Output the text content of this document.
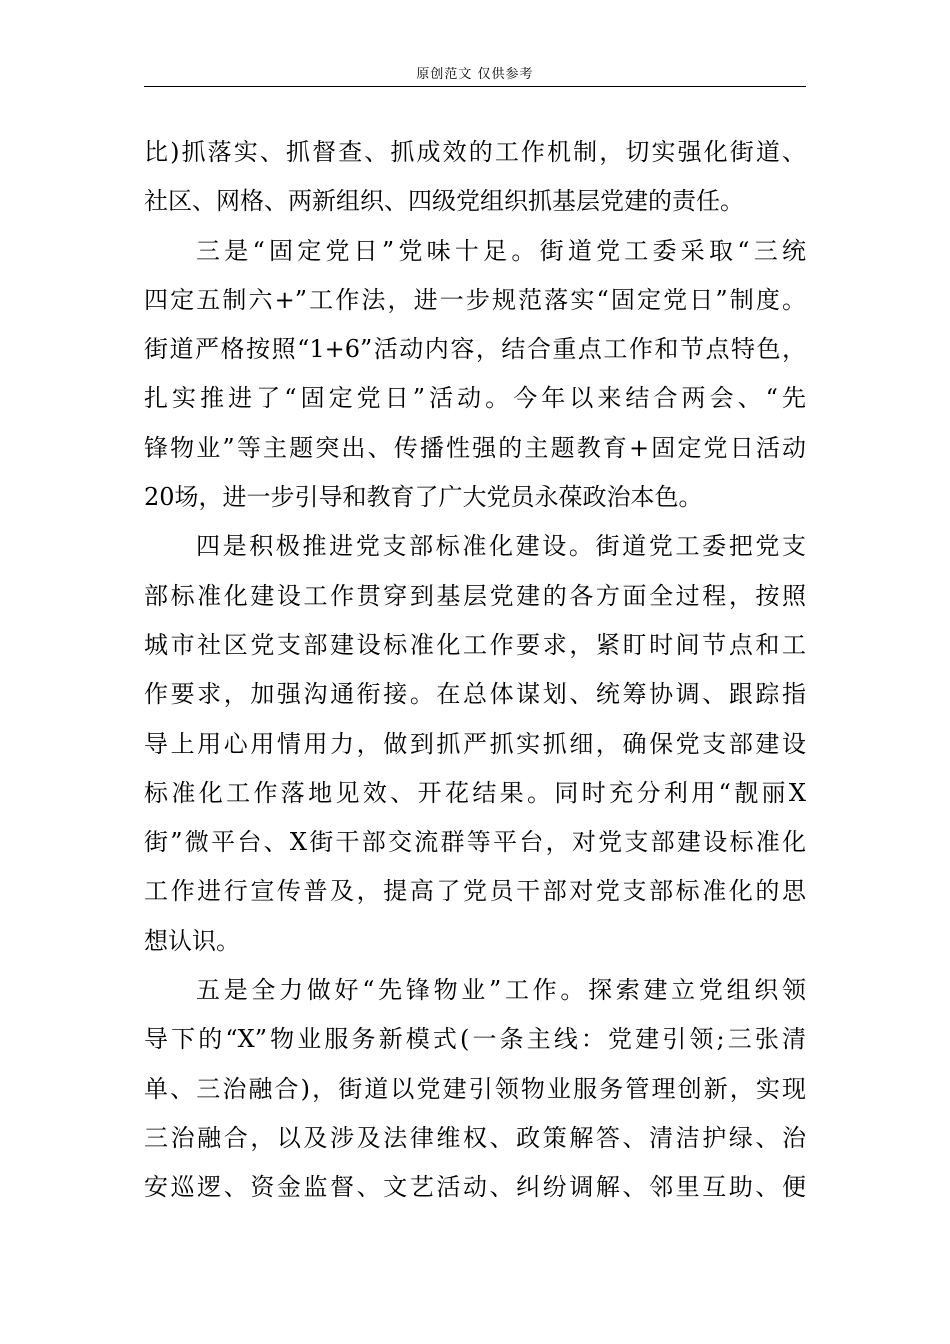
原创范文 仅供参考
比)抓落实、抓督查、抓成效的工作机制，切实强化街道、
社区、网格、两新组织、四级党组织抓基层党建的责任。
三是“固定党日”党味十足。街道党工委采取“三统
四定五制六+”工作法，进一步规范落实“固定党日”制度。
街道严格按照“1+6”活动内容，结合重点工作和节点特色，
扎实推进了“固定党日”活动。今年以来结合两会、“先
锋物业”等主题突出、传播性强的主题教育+固定党日活动
20场，进一步引导和教育了广大党员永葆政治本色。
四是积极推进党支部标准化建设。街道党工委把党支
部标准化建设工作贯穿到基层党建的各方面全过程，按照
城市社区党支部建设标准化工作要求，紧盯时间节点和工
作要求，加强沟通衔接。在总体谋划、统筹协调、跟踪指
导上用心用情用力，做到抓严抓实抓细，确保党支部建设
标准化工作落地见效、开花结果。同时充分利用“靓丽X
街”微平台、X街干部交流群等平台，对党支部建设标准化
工作进行宣传普及，提高了党员干部对党支部标准化的思
想认识。
五是全力做好“先锋物业”工作。探索建立党组织领
导下的“X”物业服务新模式(一条主线：党建引领;三张清
单、三治融合)，街道以党建引领物业服务管理创新，实现
三治融合，以及涉及法律维权、政策解答、清洁护绿、治
安巡逻、资金监督、文艺活动、纠纷调解、邻里互助、便
